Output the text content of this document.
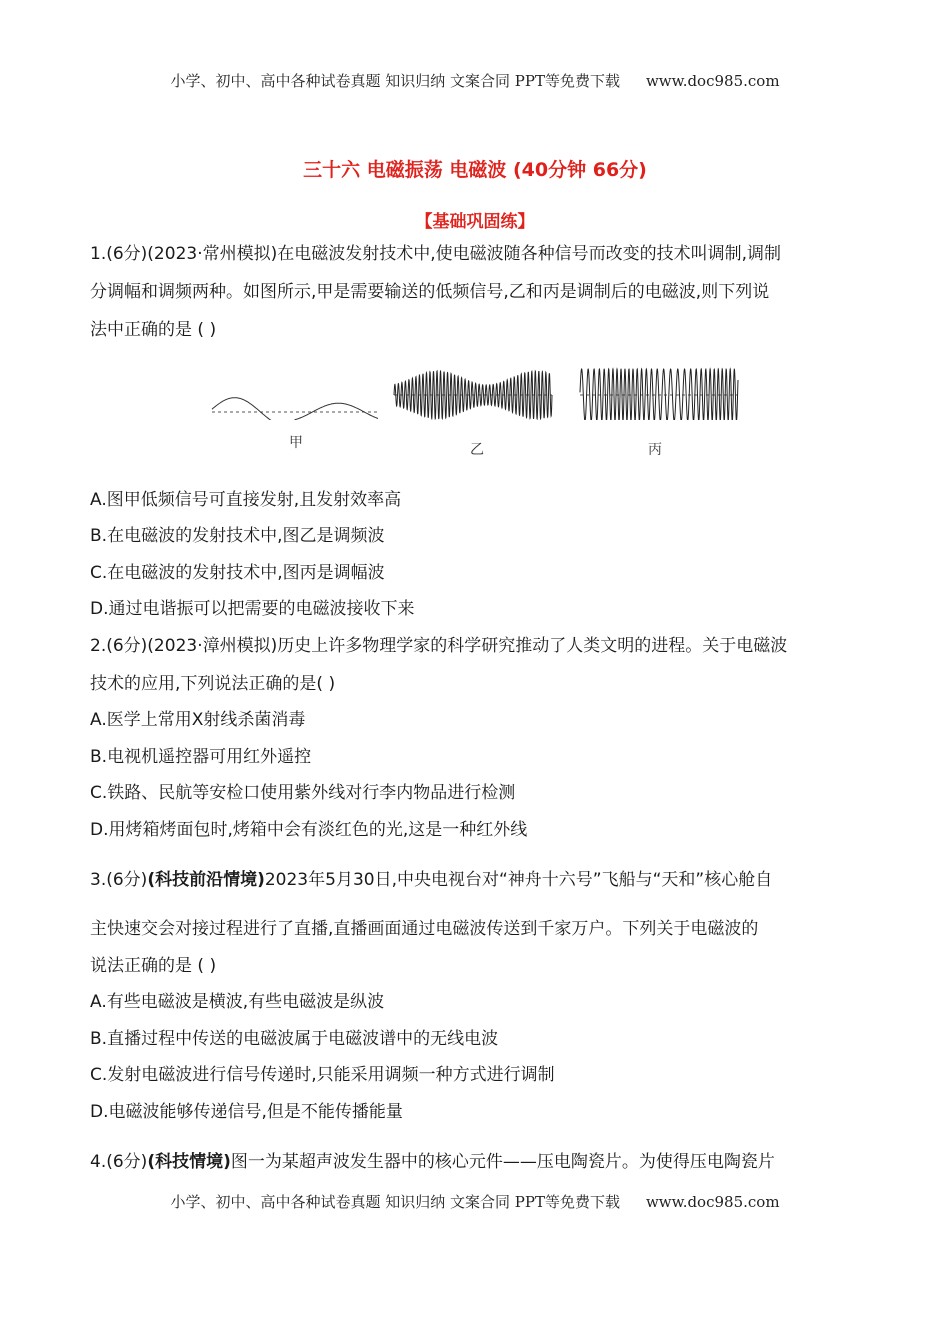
小学、初中、高中各种试卷真题 知识归纳 文案合同 PPT等免费下载 www.doc985.com
三十六 电磁振荡 电磁波 (40分钟 66分)
【基础巩固练】
1.(6分)(2023·常州模拟)在电磁波发射技术中,使电磁波随各种信号而改变的技术叫调制,调制
分调幅和调频两种。如图所示,甲是需要输送的低频信号,乙和丙是调制后的电磁波,则下列说
法中正确的是 ( )
甲	乙	丙
A.图甲低频信号可直接发射,且发射效率高
B.在电磁波的发射技术中,图乙是调频波
C.在电磁波的发射技术中,图丙是调幅波
D.通过电谐振可以把需要的电磁波接收下来
2.(6分)(2023·漳州模拟)历史上许多物理学家的科学研究推动了人类文明的进程。关于电磁波
技术的应用,下列说法正确的是( )
A.医学上常用X射线杀菌消毒
B.电视机遥控器可用红外遥控
C.铁路、民航等安检口使用紫外线对行李内物品进行检测
D.用烤箱烤面包时,烤箱中会有淡红色的光,这是一种红外线
3.(6分)(科技前沿情境)2023年5月30日,中央电视台对“神舟十六号”飞船与“天和”核心舱自
主快速交会对接过程进行了直播,直播画面通过电磁波传送到千家万户。下列关于电磁波的
说法正确的是 ( )
A.有些电磁波是横波,有些电磁波是纵波
B.直播过程中传送的电磁波属于电磁波谱中的无线电波
C.发射电磁波进行信号传递时,只能采用调频一种方式进行调制
D.电磁波能够传递信号,但是不能传播能量
4.(6分)(科技情境)图一为某超声波发生器中的核心元件——压电陶瓷片。为使得压电陶瓷片
小学、初中、高中各种试卷真题 知识归纳 文案合同 PPT等免费下载 www.doc985.com
